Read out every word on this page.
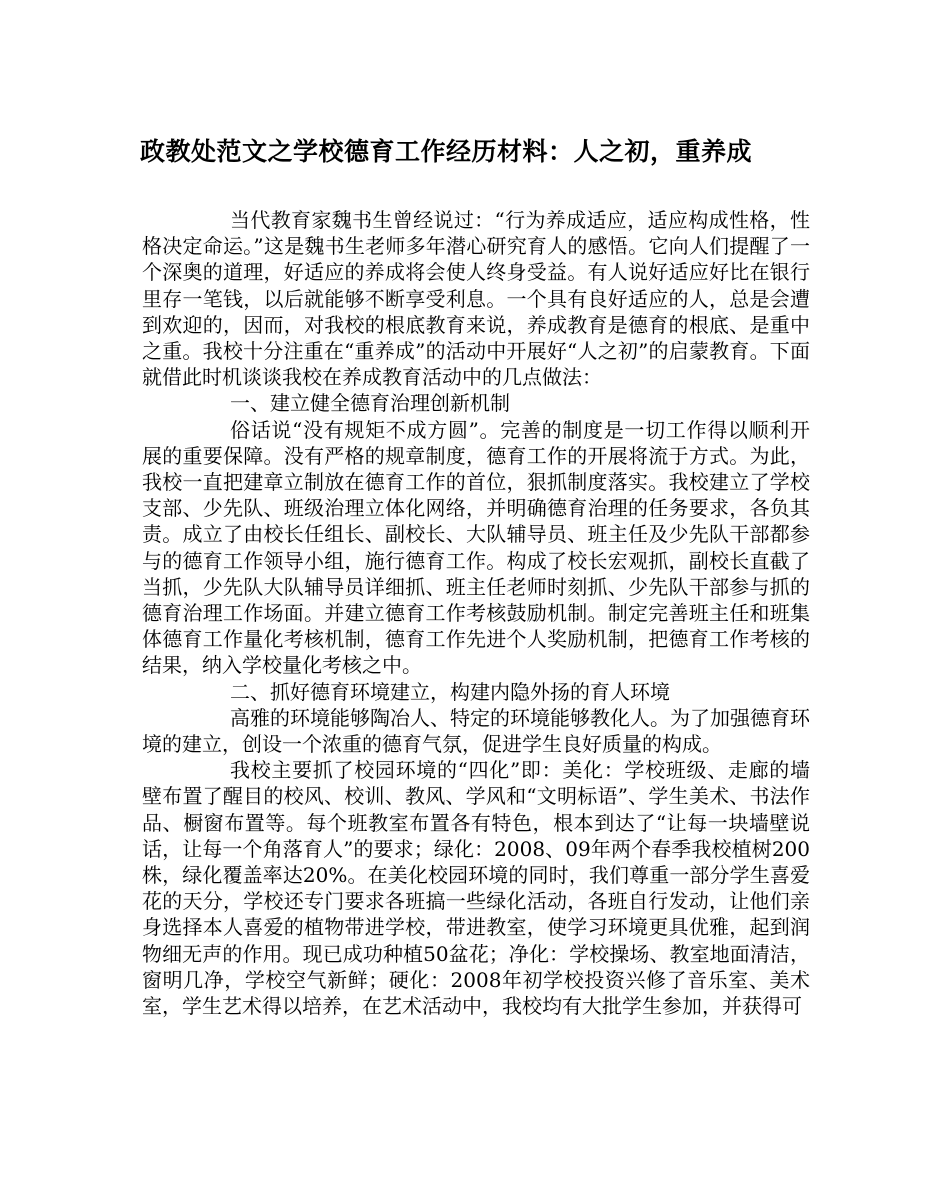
政教处范文之学校德育工作经历材料：人之初，重养成

当代教育家魏书生曾经说过：“行为养成适应，适应构成性格，性格决定命运。”这是魏书生老师多年潜心研究育人的感悟。它向人们提醒了一个深奥的道理，好适应的养成将会使人终身受益。有人说好适应好比在银行里存一笔钱，以后就能够不断享受利息。一个具有良好适应的人，总是会遭到欢迎的，因而，对我校的根底教育来说，养成教育是德育的根底、是重中之重。我校十分注重在“重养成”的活动中开展好“人之初”的启蒙教育。下面就借此时机谈谈我校在养成教育活动中的几点做法：

一、建立健全德育治理创新机制

俗话说“没有规矩不成方圆”。完善的制度是一切工作得以顺利开展的重要保障。没有严格的规章制度，德育工作的开展将流于方式。为此，我校一直把建章立制放在德育工作的首位，狠抓制度落实。我校建立了学校支部、少先队、班级治理立体化网络，并明确德育治理的任务要求，各负其责。成立了由校长任组长、副校长、大队辅导员、班主任及少先队干部都参与的德育工作领导小组，施行德育工作。构成了校长宏观抓，副校长直截了当抓，少先队大队辅导员详细抓、班主任老师时刻抓、少先队干部参与抓的德育治理工作场面。并建立德育工作考核鼓励机制。制定完善班主任和班集体德育工作量化考核机制，德育工作先进个人奖励机制，把德育工作考核的结果，纳入学校量化考核之中。

二、抓好德育环境建立，构建内隐外扬的育人环境

高雅的环境能够陶冶人、特定的环境能够教化人。为了加强德育环境的建立，创设一个浓重的德育气氛，促进学生良好质量的构成。

我校主要抓了校园环境的“四化”即：美化：学校班级、走廊的墙壁布置了醒目的校风、校训、教风、学风和“文明标语”、学生美术、书法作品、橱窗布置等。每个班教室布置各有特色，根本到达了“让每一块墙壁说话，让每一个角落育人”的要求；绿化：2008、09年两个春季我校植树200株，绿化覆盖率达20%。在美化校园环境的同时，我们尊重一部分学生喜爱花的天分，学校还专门要求各班搞一些绿化活动，各班自行发动，让他们亲身选择本人喜爱的植物带进学校，带进教室，使学习环境更具优雅，起到润物细无声的作用。现已成功种植50盆花；净化：学校操场、教室地面清洁，窗明几净，学校空气新鲜；硬化：2008年初学校投资兴修了音乐室、美术室，学生艺术得以培养，在艺术活动中，我校均有大批学生参加，并获得可
